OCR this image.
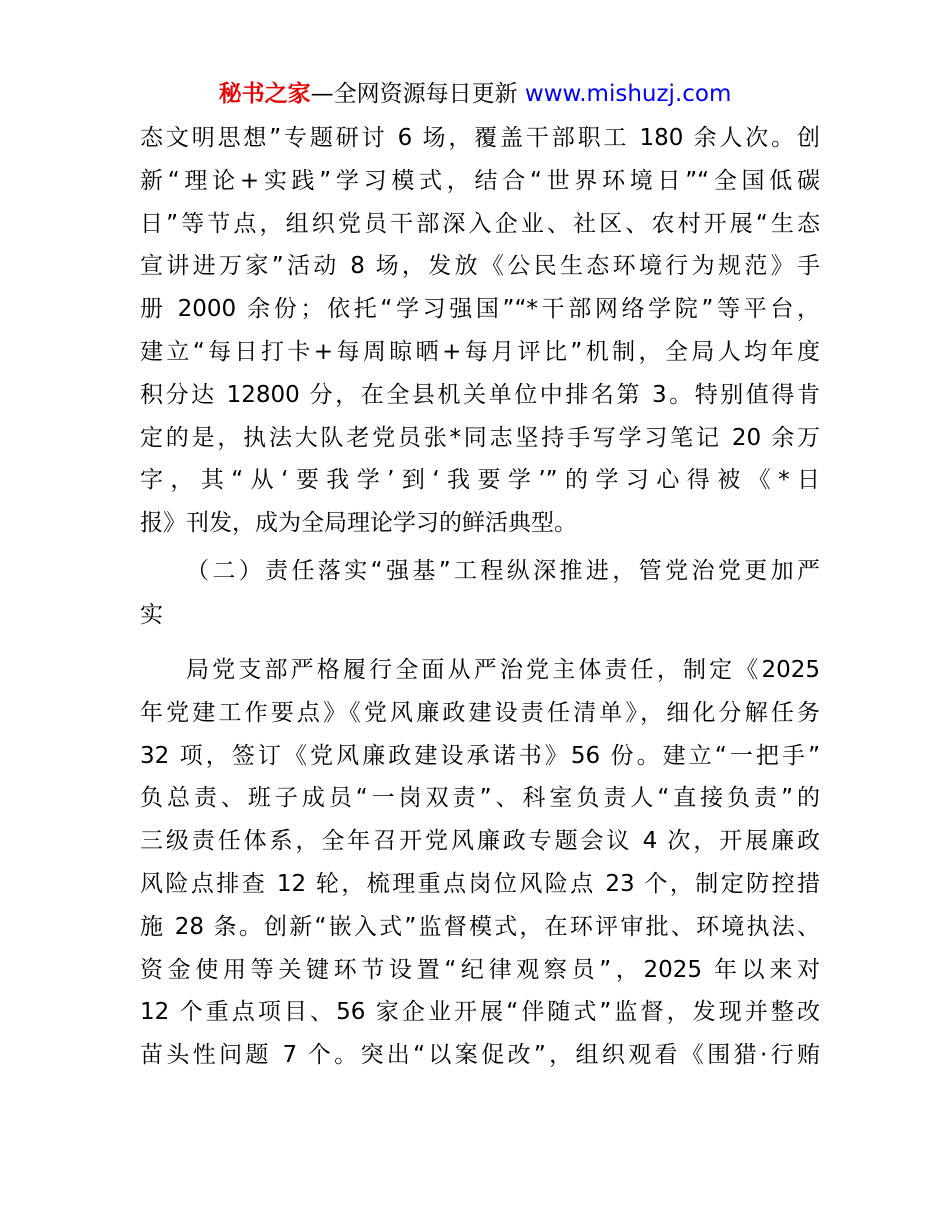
秘书之家—全网资源每日更新 www.mishuzj.com
态文明思想”专题研讨 6 场，覆盖干部职工 180 余人次。创
新“理论+实践”学习模式，结合“世界环境日”“全国低碳
日”等节点，组织党员干部深入企业、社区、农村开展“生态
宣讲进万家”活动 8 场，发放《公民生态环境行为规范》手
册 2000 余份；依托“学习强国”“*干部网络学院”等平台，
建立“每日打卡+每周晾晒+每月评比”机制，全局人均年度
积分达 12800 分，在全县机关单位中排名第 3。特别值得肯
定的是，执法大队老党员张*同志坚持手写学习笔记 20 余万
字，其“从‘要我学’到‘我要学’”的学习心得被《*日
报》刊发，成为全局理论学习的鲜活典型。
（二）责任落实“强基”工程纵深推进，管党治党更加严
实
局党支部严格履行全面从严治党主体责任，制定《2025
年党建工作要点》《党风廉政建设责任清单》，细化分解任务
32 项，签订《党风廉政建设承诺书》56 份。建立“一把手”
负总责、班子成员“一岗双责”、科室负责人“直接负责”的
三级责任体系，全年召开党风廉政专题会议 4 次，开展廉政
风险点排查 12 轮，梳理重点岗位风险点 23 个，制定防控措
施 28 条。创新“嵌入式”监督模式，在环评审批、环境执法、
资金使用等关键环节设置“纪律观察员”，2025 年以来对
12 个重点项目、56 家企业开展“伴随式”监督，发现并整改
苗头性问题 7 个。突出“以案促改”，组织观看《围猎·行贿
